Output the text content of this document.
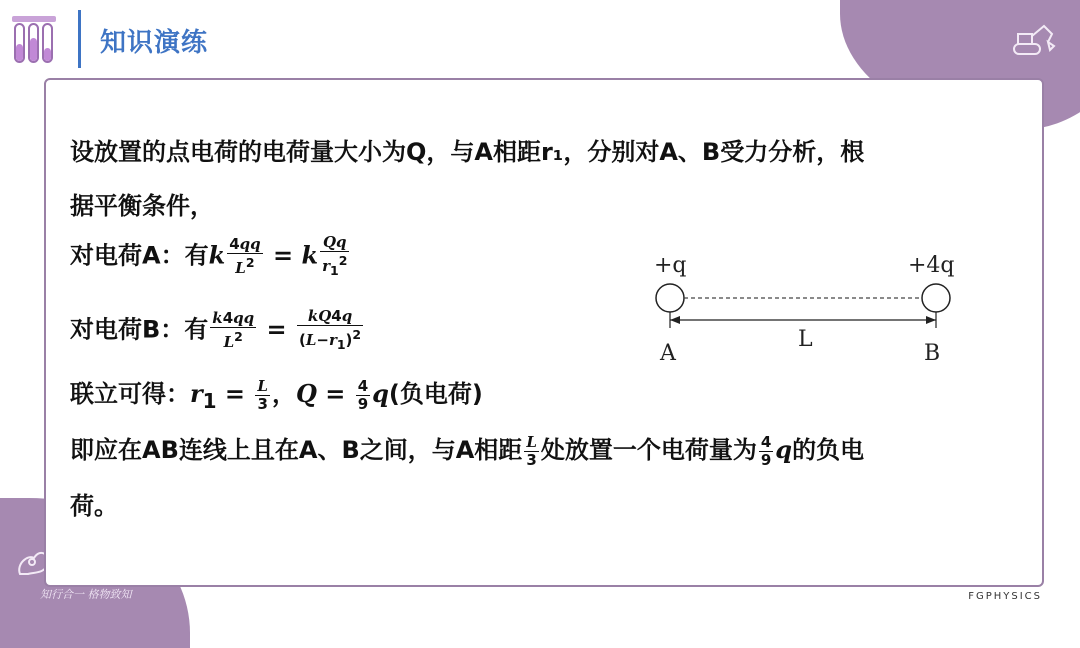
知识演练
设放置的点电荷的电荷量大小为Q，与A相距r₁，分别对A、B受力分析，根
据平衡条件，
对电荷A：有k $\frac{4qq}{L^2} = k \frac{Qq}{r_1^2}$
对电荷B：有 $\frac{k4qq}{L^2} = \frac{kQ4q}{(L-r_1)^2}$
联立可得：$r_1 = \frac{L}{3}$ ，$Q = \frac{4}{9} q$(负电荷)
即应在AB连线上且在A、B之间，与A相距 $\frac{L}{3}$ 处放置一个电荷量为 $\frac{4}{9}$ q的负电
荷。
+q	+4q
L
A	B
知行合一 格物致知	FGPHYSICS
